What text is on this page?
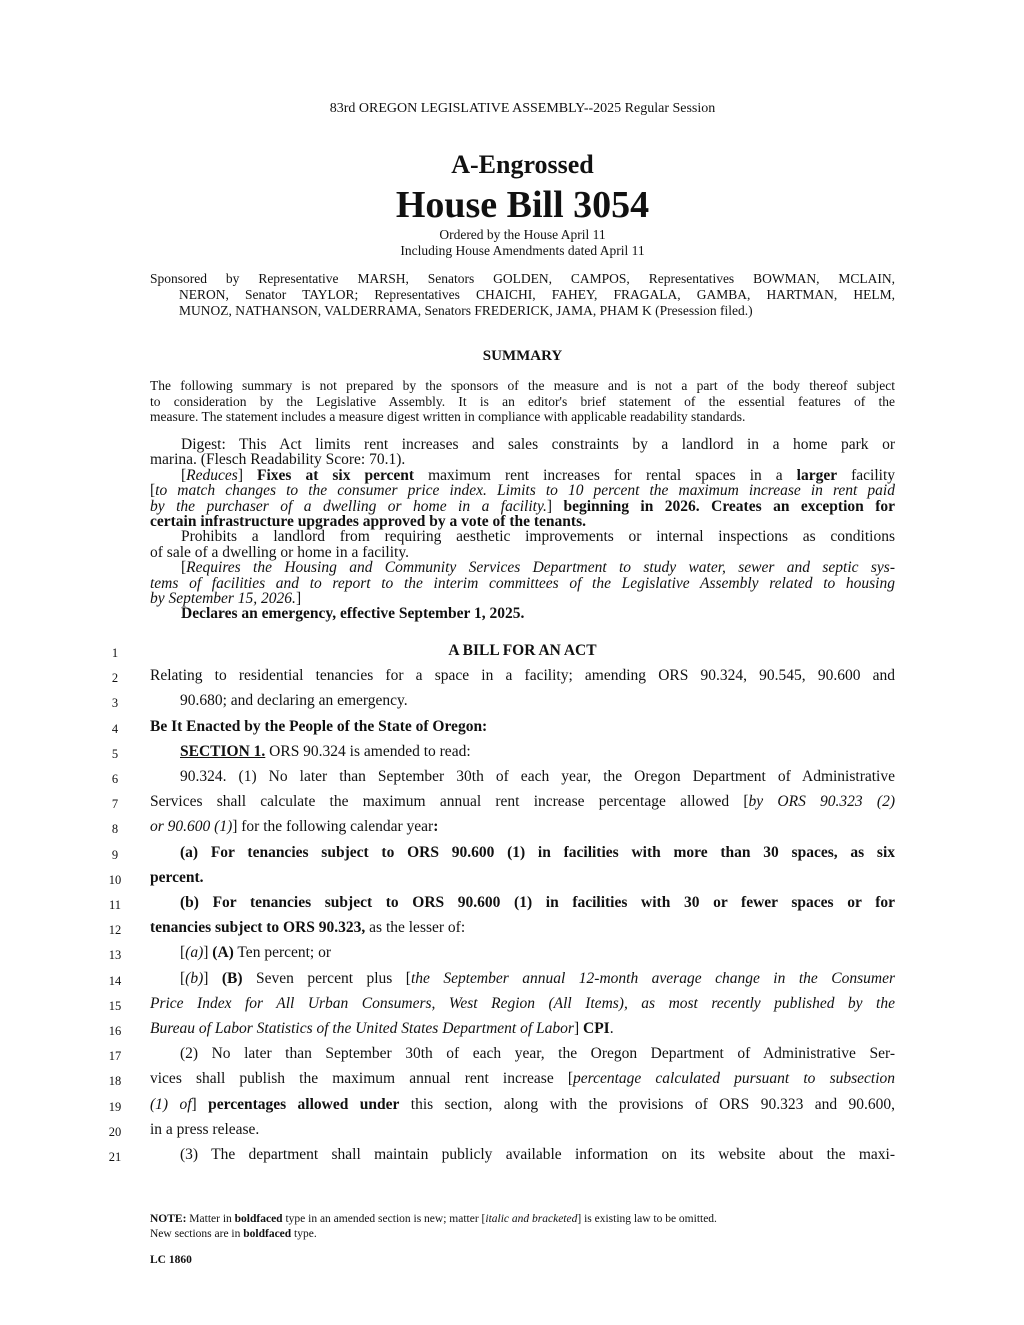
83rd OREGON LEGISLATIVE ASSEMBLY--2025 Regular Session
A-Engrossed
House Bill 3054
Ordered by the House April 11
Including House Amendments dated April 11
Sponsored by Representative MARSH, Senators GOLDEN, CAMPOS, Representatives BOWMAN, MCLAIN,
NERON, Senator TAYLOR; Representatives CHAICHI, FAHEY, FRAGALA, GAMBA, HARTMAN, HELM,
MUNOZ, NATHANSON, VALDERRAMA, Senators FREDERICK, JAMA, PHAM K (Presession filed.)
SUMMARY
The following summary is not prepared by the sponsors of the measure and is not a part of the body thereof subject
to consideration by the Legislative Assembly. It is an editor's brief statement of the essential features of the
measure. The statement includes a measure digest written in compliance with applicable readability standards.
Digest: This Act limits rent increases and sales constraints by a landlord in a home park or
marina. (Flesch Readability Score: 70.1).
[Reduces] Fixes at six percent maximum rent increases for rental spaces in a larger facility
[to match changes to the consumer price index. Limits to 10 percent the maximum increase in rent paid
by the purchaser of a dwelling or home in a facility.] beginning in 2026. Creates an exception for
certain infrastructure upgrades approved by a vote of the tenants.
Prohibits a landlord from requiring aesthetic improvements or internal inspections as conditions
of sale of a dwelling or home in a facility.
[Requires the Housing and Community Services Department to study water, sewer and septic sys-
tems of facilities and to report to the interim committees of the Legislative Assembly related to housing
by September 15, 2026.]
Declares an emergency, effective September 1, 2025.
1	A BILL FOR AN ACT
2	Relating to residential tenancies for a space in a facility; amending ORS 90.324, 90.545, 90.600 and
3	90.680; and declaring an emergency.
4	Be It Enacted by the People of the State of Oregon:
5	SECTION 1. ORS 90.324 is amended to read:
6	90.324. (1) No later than September 30th of each year, the Oregon Department of Administrative
7	Services shall calculate the maximum annual rent increase percentage allowed [by ORS 90.323 (2)
8	or 90.600 (1)] for the following calendar year:
9	(a) For tenancies subject to ORS 90.600 (1) in facilities with more than 30 spaces, as six
10	percent.
11	(b) For tenancies subject to ORS 90.600 (1) in facilities with 30 or fewer spaces or for
12	tenancies subject to ORS 90.323, as the lesser of:
13	[(a)] (A) Ten percent; or
14	[(b)] (B) Seven percent plus [the September annual 12-month average change in the Consumer
15	Price Index for All Urban Consumers, West Region (All Items), as most recently published by the
16	Bureau of Labor Statistics of the United States Department of Labor] CPI.
17	(2) No later than September 30th of each year, the Oregon Department of Administrative Ser-
18	vices shall publish the maximum annual rent increase [percentage calculated pursuant to subsection
19	(1) of] percentages allowed under this section, along with the provisions of ORS 90.323 and 90.600,
20	in a press release.
21	(3) The department shall maintain publicly available information on its website about the maxi-
NOTE: Matter in boldfaced type in an amended section is new; matter [italic and bracketed] is existing law to be omitted.
New sections are in boldfaced type.
LC 1860
